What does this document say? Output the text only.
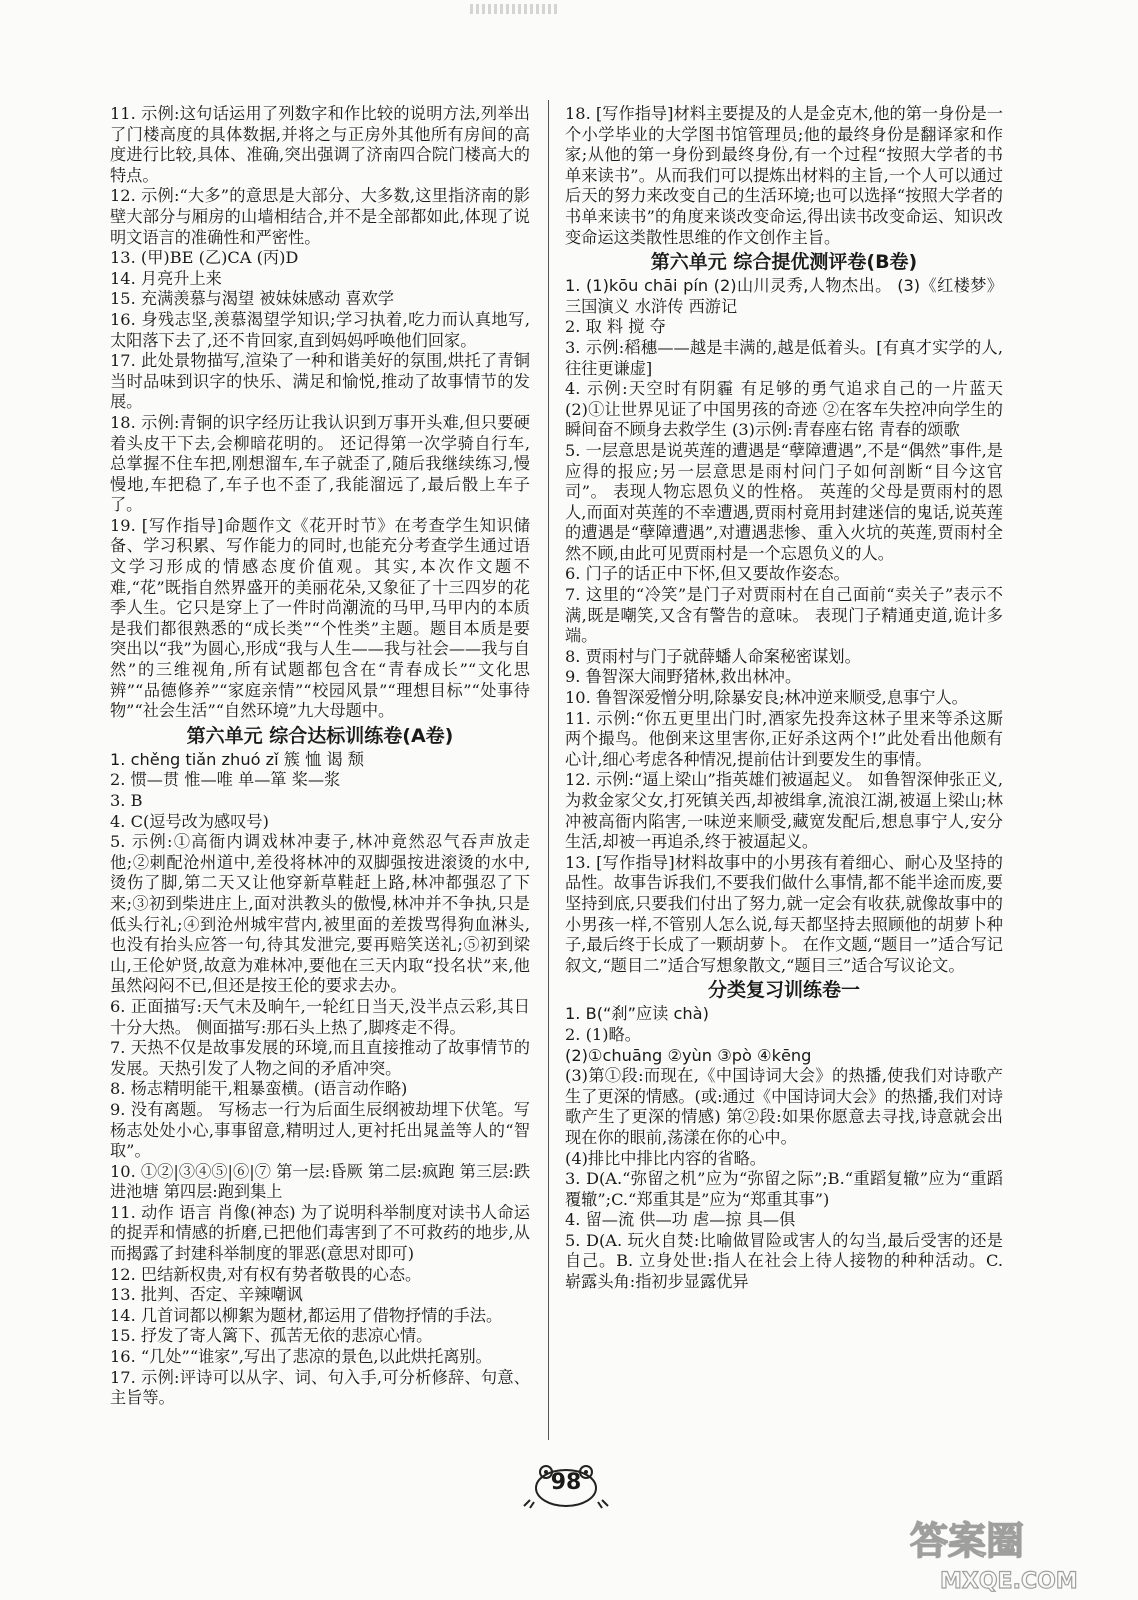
11. 示例:这句话运用了列数字和作比较的说明方法,列举出了门楼高度的具体数据,并将之与正房外其他所有房间的高度进行比较,具体、准确,突出强调了济南四合院门楼高大的特点。
12. 示例:“大多”的意思是大部分、大多数,这里指济南的影壁大部分与厢房的山墙相结合,并不是全部都如此,体现了说明文语言的准确性和严密性。
13. (甲)BE (乙)CA (丙)D
14. 月亮升上来
15. 充满羡慕与渴望 被妹妹感动 喜欢学
16. 身残志坚,羡慕渴望学知识;学习执着,吃力而认真地写,太阳落下去了,还不肯回家,直到妈妈呼唤他们回家。
17. 此处景物描写,渲染了一种和谐美好的氛围,烘托了青铜当时品味到识字的快乐、满足和愉悦,推动了故事情节的发展。
18. 示例:青铜的识字经历让我认识到万事开头难,但只要硬着头皮干下去,会柳暗花明的。 还记得第一次学骑自行车,总掌握不住车把,刚想溜车,车子就歪了,随后我继续练习,慢慢地,车把稳了,车子也不歪了,我能溜远了,最后骰上车子了。
19. [写作指导]命题作文《花开时节》在考查学生知识储备、学习积累、写作能力的同时,也能充分考查学生通过语文学习形成的情感态度价值观。其实,本次作文题不难,“花”既指自然界盛开的美丽花朵,又象征了十三四岁的花季人生。它只是穿上了一件时尚潮流的马甲,马甲内的本质是我们都很熟悉的“成长类”“个性类”主题。题目本质是要突出以“我”为圆心,形成“我与人生——我与社会——我与自然”的三维视角,所有试题都包含在“青春成长”“文化思辨”“品德修养”“家庭亲情”“校园风景”“理想目标”“处事待物”“社会生活”“自然环境”九大母题中。
第六单元 综合达标训练卷(A卷)
1. chěng tiǎn zhuó zǐ 簇 恤 谒 颓
2. 惯—贯 惟—唯 单—箪 桨—浆
3. B
4. C(逗号改为感叹号)
5. 示例:①高衙内调戏林冲妻子,林冲竟然忍气吞声放走他;②刺配沧州道中,差役将林冲的双脚强按进滚烫的水中,烫伤了脚,第二天又让他穿新草鞋赶上路,林冲都强忍了下来;③初到柴进庄上,面对洪教头的傲慢,林冲并不争执,只是低头行礼;④到沧州城牢营内,被里面的差拨骂得狗血淋头,也没有抬头应答一句,待其发泄完,要再赔笑送礼;⑤初到梁山,王伦妒贤,故意为难林冲,要他在三天内取“投名状”来,他虽然闷闷不已,但还是按王伦的要求去办。
6. 正面描写:天气未及晌午,一轮红日当天,没半点云彩,其日十分大热。 侧面描写:那石头上热了,脚疼走不得。
7. 天热不仅是故事发展的环境,而且直接推动了故事情节的发展。天热引发了人物之间的矛盾冲突。
8. 杨志精明能干,粗暴蛮横。(语言动作略)
9. 没有离题。 写杨志一行为后面生辰纲被劫埋下伏笔。写杨志处处小心,事事留意,精明过人,更衬托出晁盖等人的“智取”。
10. ①②|③④⑤|⑥|⑦ 第一层:昏厥 第二层:疯跑 第三层:跌进池塘 第四层:跑到集上
11. 动作 语言 肖像(神态) 为了说明科举制度对读书人命运的捉弄和情感的折磨,已把他们毒害到了不可救药的地步,从而揭露了封建科举制度的罪恶(意思对即可)
12. 巴结新权贵,对有权有势者敬畏的心态。
13. 批判、否定、辛辣嘲讽
14. 几首词都以柳絮为题材,都运用了借物抒情的手法。
15. 抒发了寄人篱下、孤苦无依的悲凉心情。
16. “几处”“谁家”,写出了悲凉的景色,以此烘托离别。
17. 示例:评诗可以从字、词、句入手,可分析修辞、句意、主旨等。
18. [写作指导]材料主要提及的人是金克木,他的第一身份是一个小学毕业的大学图书馆管理员;他的最终身份是翻译家和作家;从他的第一身份到最终身份,有一个过程“按照大学者的书单来读书”。从而我们可以提炼出材料的主旨,一个人可以通过后天的努力来改变自己的生活环境;也可以选择“按照大学者的书单来读书”的角度来谈改变命运,得出读书改变命运、知识改变命运这类散性思维的作文创作主旨。
第六单元 综合提优测评卷(B卷)
1. (1)kōu chāi pín (2)山川灵秀,人物杰出。 (3)《红楼梦》 三国演义 水浒传 西游记
2. 取 料 搅 夺
3. 示例:稻穗——越是丰满的,越是低着头。[有真才实学的人,往往更谦虚]
4. 示例:天空时有阴霾 有足够的勇气追求自己的一片蓝天 (2)①让世界见证了中国男孩的奇迹 ②在客车失控冲向学生的瞬间奋不顾身去救学生 (3)示例:青春座右铭 青春的颂歌
5. 一层意思是说英莲的遭遇是“孽障遭遇”,不是“偶然”事件,是应得的报应;另一层意思是雨村问门子如何剖断“目今这官司”。 表现人物忘恩负义的性格。 英莲的父母是贾雨村的恩人,而面对英莲的不幸遭遇,贾雨村竟用封建迷信的鬼话,说英莲的遭遇是“孽障遭遇”,对遭遇悲惨、重入火坑的英莲,贾雨村全然不顾,由此可见贾雨村是一个忘恩负义的人。
6. 门子的话正中下怀,但又要故作姿态。
7. 这里的“冷笑”是门子对贾雨村在自己面前“卖关子”表示不满,既是嘲笑,又含有警告的意味。 表现门子精通吏道,诡计多端。
8. 贾雨村与门子就薛蟠人命案秘密谋划。
9. 鲁智深大闹野猪林,救出林冲。
10. 鲁智深爱憎分明,除暴安良;林冲逆来顺受,息事宁人。
11. 示例:“你五更里出门时,酒家先投奔这林子里来等杀这厮两个撮鸟。他倒来这里害你,正好杀这两个!”此处看出他颇有心计,细心考虑各种情况,提前估计到要发生的事情。
12. 示例:“逼上梁山”指英雄们被逼起义。 如鲁智深伸张正义,为救金家父女,打死镇关西,却被缉拿,流浪江湖,被逼上梁山;林冲被高衙内陷害,一味逆来顺受,藏宽发配后,想息事宁人,安分生活,却被一再追杀,终于被逼起义。
13. [写作指导]材料故事中的小男孩有着细心、耐心及坚持的品性。故事告诉我们,不要我们做什么事情,都不能半途而废,要坚持到底,只要我们付出了努力,就一定会有收获,就像故事中的小男孩一样,不管别人怎么说,每天都坚持去照顾他的胡萝卜种子,最后终于长成了一颗胡萝卜。 在作文题,“题目一”适合写记叙文,“题目二”适合写想象散文,“题目三”适合写议论文。
分类复习训练卷一
1. B(“刹”应读 chà)
2. (1)略。
(2)①chuāng ②yùn ③pò ④kēng
(3)第①段:而现在,《中国诗词大会》的热播,使我们对诗歌产生了更深的情感。(或:通过《中国诗词大会》的热播,我们对诗歌产生了更深的情感) 第②段:如果你愿意去寻找,诗意就会出现在你的眼前,荡漾在你的心中。
(4)排比中排比内容的省略。
3. D(A.“弥留之机”应为“弥留之际”;B.“重蹈复辙”应为“重蹈覆辙”;C.“郑重其是”应为“郑重其事”)
4. 留—流 供—功 虐—掠 具—俱
5. D(A. 玩火自焚:比喻做冒险或害人的勾当,最后受害的还是自己。B. 立身处世:指人在社会上待人接物的种种活动。C. 崭露头角:指初步显露优异
98
答案圈
MXQE.COM
